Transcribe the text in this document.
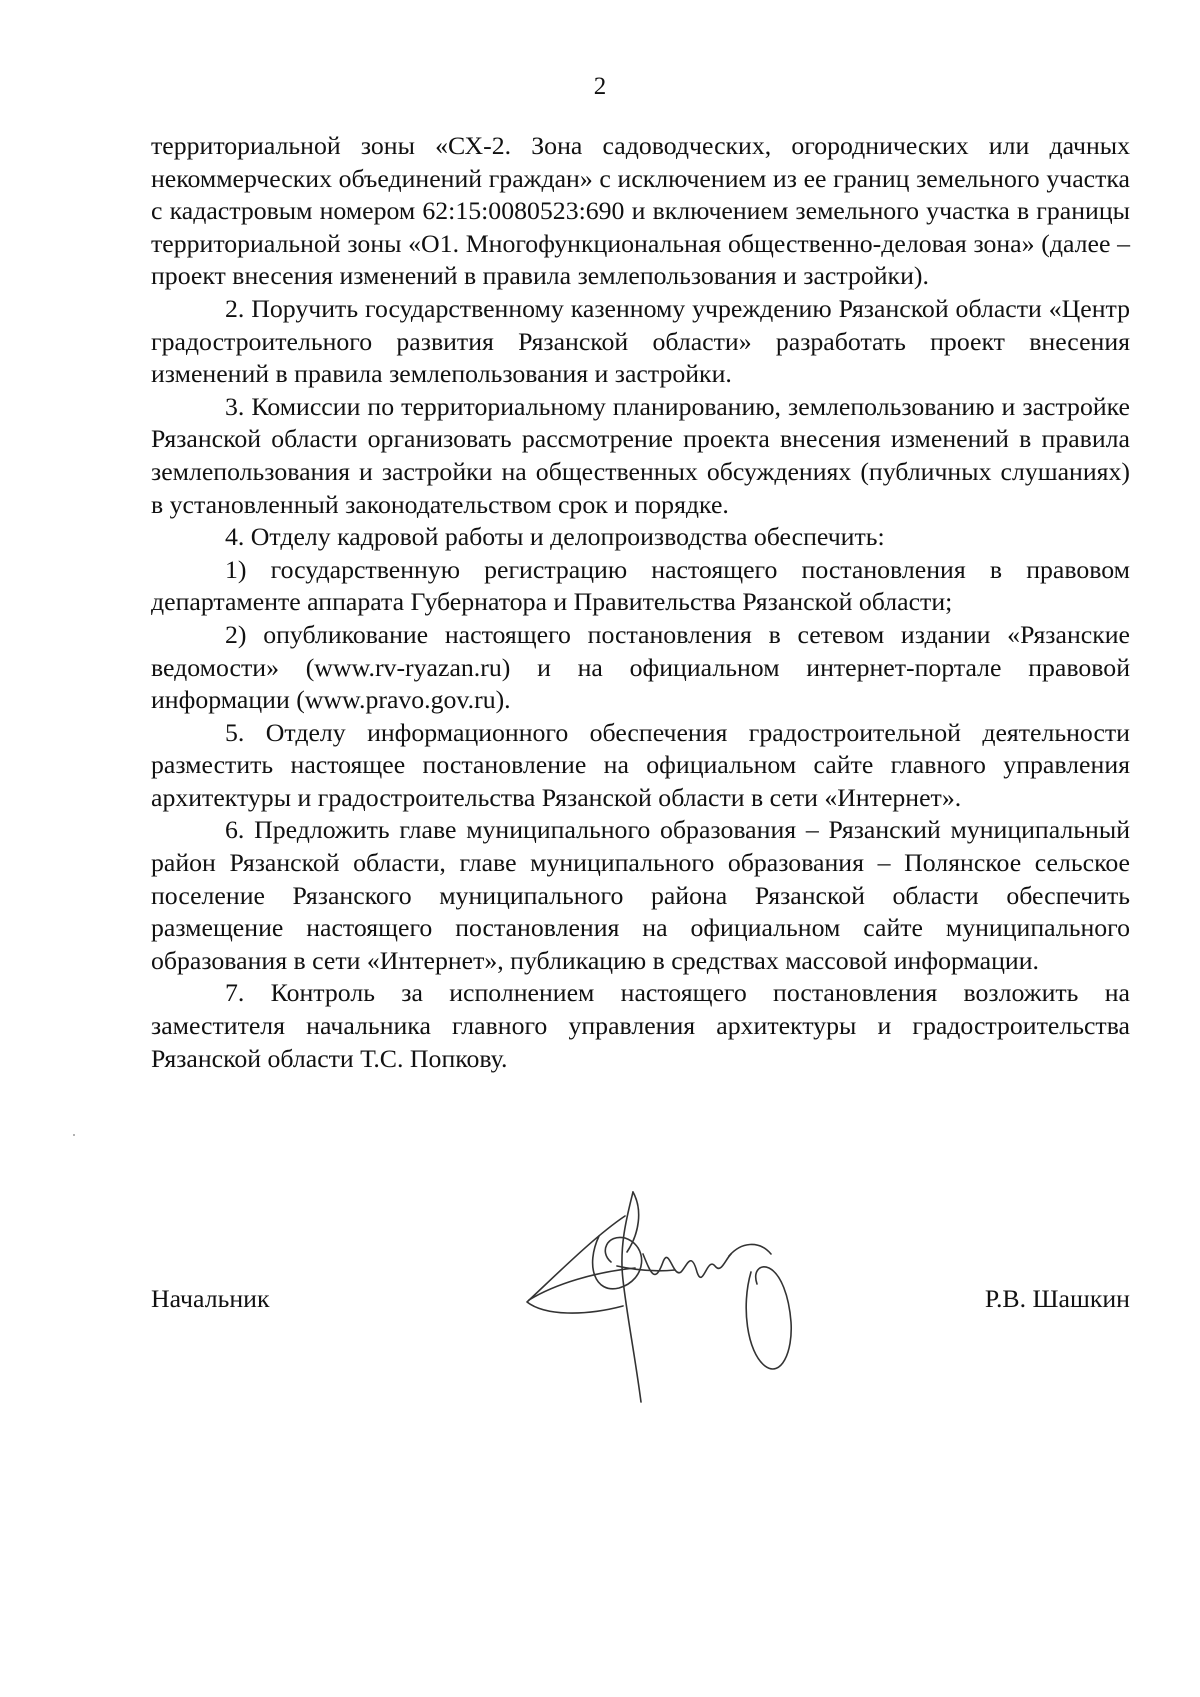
2

территориальной зоны «СХ-2. Зона садоводческих, огороднических или дачных некоммерческих объединений граждан» с исключением из ее границ земельного участка с кадастровым номером 62:15:0080523:690 и включением земельного участка в границы территориальной зоны «О1. Многофункциональная общественно-деловая зона» (далее – проект внесения изменений в правила землепользования и застройки).

2. Поручить государственному казенному учреждению Рязанской области «Центр градостроительного развития Рязанской области» разработать проект внесения изменений в правила землепользования и застройки.

3. Комиссии по территориальному планированию, землепользованию и застройке Рязанской области организовать рассмотрение проекта внесения изменений в правила землепользования и застройки на общественных обсуждениях (публичных слушаниях) в установленный законодательством срок и порядке.

4. Отделу кадровой работы и делопроизводства обеспечить:

1) государственную регистрацию настоящего постановления в правовом департаменте аппарата Губернатора и Правительства Рязанской области;

2) опубликование настоящего постановления в сетевом издании «Рязанские ведомости» (www.rv-ryazan.ru) и на официальном интернет-портале правовой информации (www.pravo.gov.ru).

5. Отделу информационного обеспечения градостроительной деятельности разместить настоящее постановление на официальном сайте главного управления архитектуры и градостроительства Рязанской области в сети «Интернет».

6. Предложить главе муниципального образования – Рязанский муниципальный район Рязанской области, главе муниципального образования – Полянское сельское поселение Рязанского муниципального района Рязанской области обеспечить размещение настоящего постановления на официальном сайте муниципального образования в сети «Интернет», публикацию в средствах массовой информации.

7. Контроль за исполнением настоящего постановления возложить на заместителя начальника главного управления архитектуры и градостроительства Рязанской области Т.С. Попкову.

Начальник	Р.В. Шашкин
